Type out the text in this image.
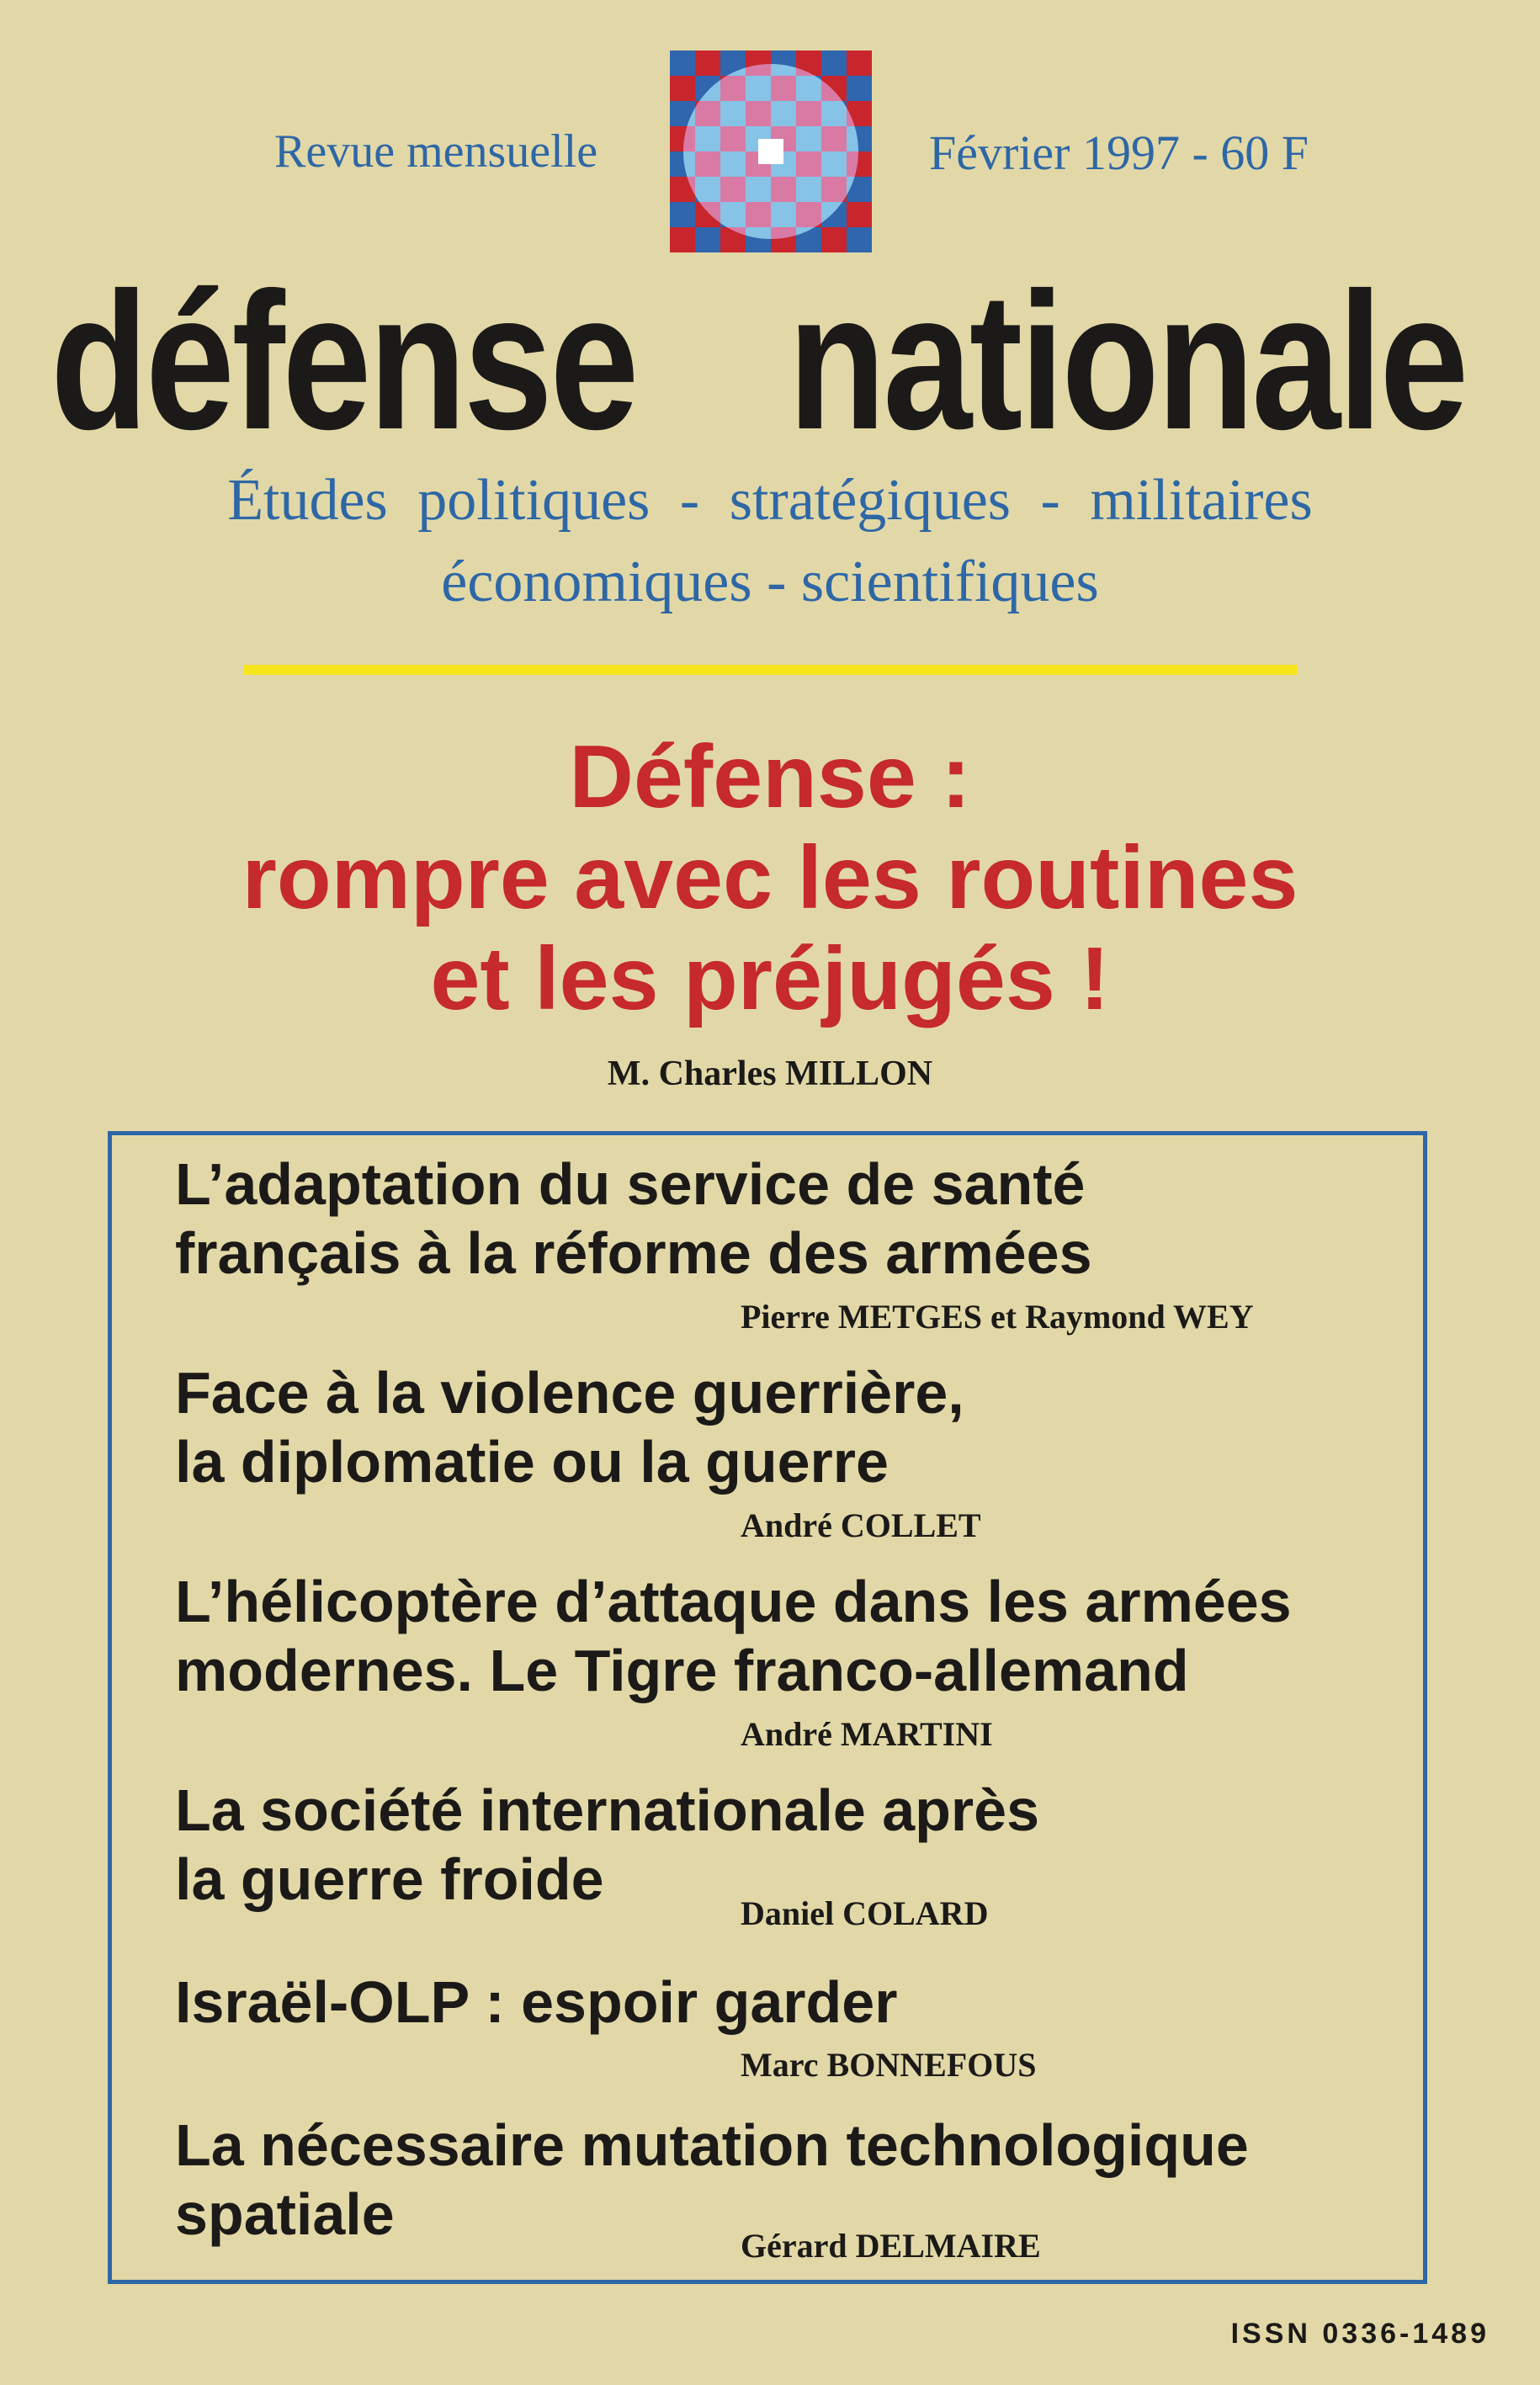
Revue mensuelle	Février 1997 - 60 F
défense nationale
Études politiques - stratégiques - militaires
économiques - scientifiques
Défense :
rompre avec les routines
et les préjugés !
M. Charles MILLON
L’adaptation du service de santé
français à la réforme des armées
Pierre METGES et Raymond WEY
Face à la violence guerrière,
la diplomatie ou la guerre
André COLLET
L’hélicoptère d’attaque dans les armées
modernes. Le Tigre franco-allemand
André MARTINI
La société internationale après
la guerre froide
Daniel COLARD
Israël-OLP : espoir garder
Marc BONNEFOUS
La nécessaire mutation technologique
spatiale	Gérard DELMAIRE
ISSN 0336-1489
